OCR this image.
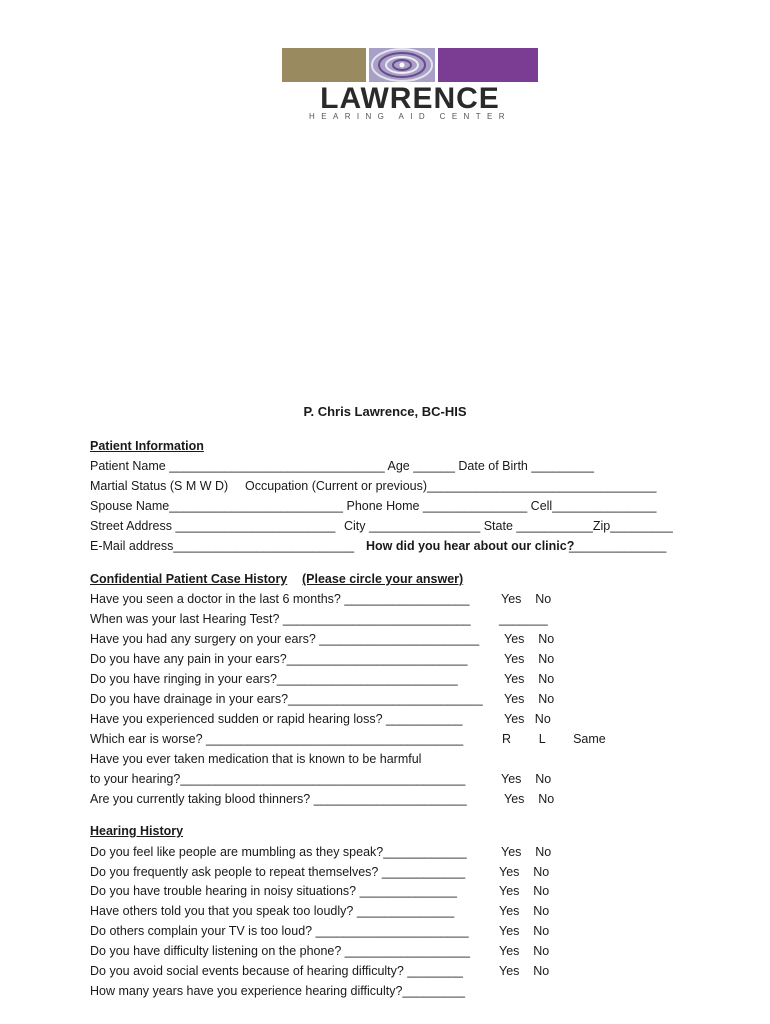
LAWRENCE
HEARING AID CENTER
P. Chris Lawrence, BC-HIS
Patient Information
Patient Name _______________________________ Age ______ Date of Birth _________
Martial Status (S M W D) Occupation (Current or previous)_________________________________
Spouse Name_________________________ Phone Home _______________ Cell_______________
Street Address _______________________ City ________________ State ___________Zip_________
E-Mail address__________________________ How did you hear about our clinic?
______________
Confidential Patient Case History (Please circle your answer)
Have you seen a doctor in the last 6 months? __________________	Yes    No
When was your last Hearing Test? ___________________________ _______
Have you had any surgery on your ears? _______________________ Yes    No
Do you have any pain in your ears?__________________________	Yes    No
Do you have ringing in your ears?__________________________	Yes    No
Do you have drainage in your ears?____________________________ Yes    No
Have you experienced sudden or rapid hearing loss? ___________	Yes   No
Which ear is worse? _____________________________________	R        L        Same
Have you ever taken medication that is known to be harmful
to your hearing?_________________________________________	Yes    No
Are you currently taking blood thinners? ______________________	Yes    No
Hearing History
Do you feel like people are mumbling as they speak?____________	Yes    No
Do you frequently ask people to repeat themselves? ____________	Yes    No
Do you have trouble hearing in noisy situations? ______________	Yes    No
Have others told you that you speak too loudly? ______________	Yes    No
Do others complain your TV is too loud? ______________________ Yes    No
Do you have difficulty listening on the phone? __________________ Yes    No
Do you avoid social events because of hearing difficulty? ________	Yes    No
How many years have you experience hearing difficulty?_________
